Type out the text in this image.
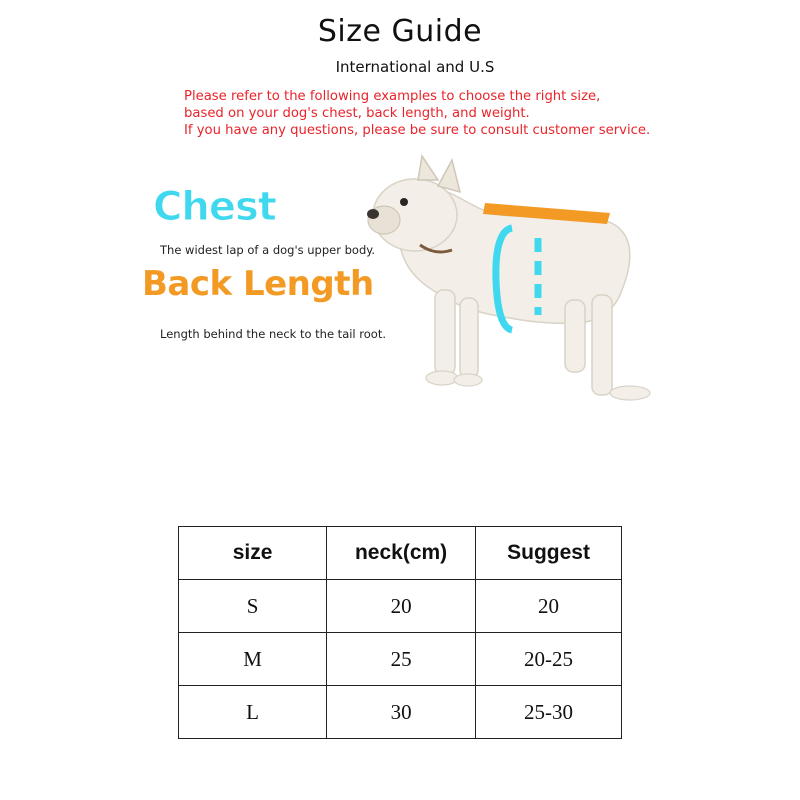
Size Guide
International and U.S
Please refer to the following examples to choose the right size,
based on your dog's chest, back length, and weight.
If you have any questions, please be sure to consult customer service.
Chest
The widest lap of a dog's upper body.
Back Length
Length behind the neck to the tail root.
size	neck(cm)	Suggest
S	20	20
M	25	20-25
L	30	25-30
